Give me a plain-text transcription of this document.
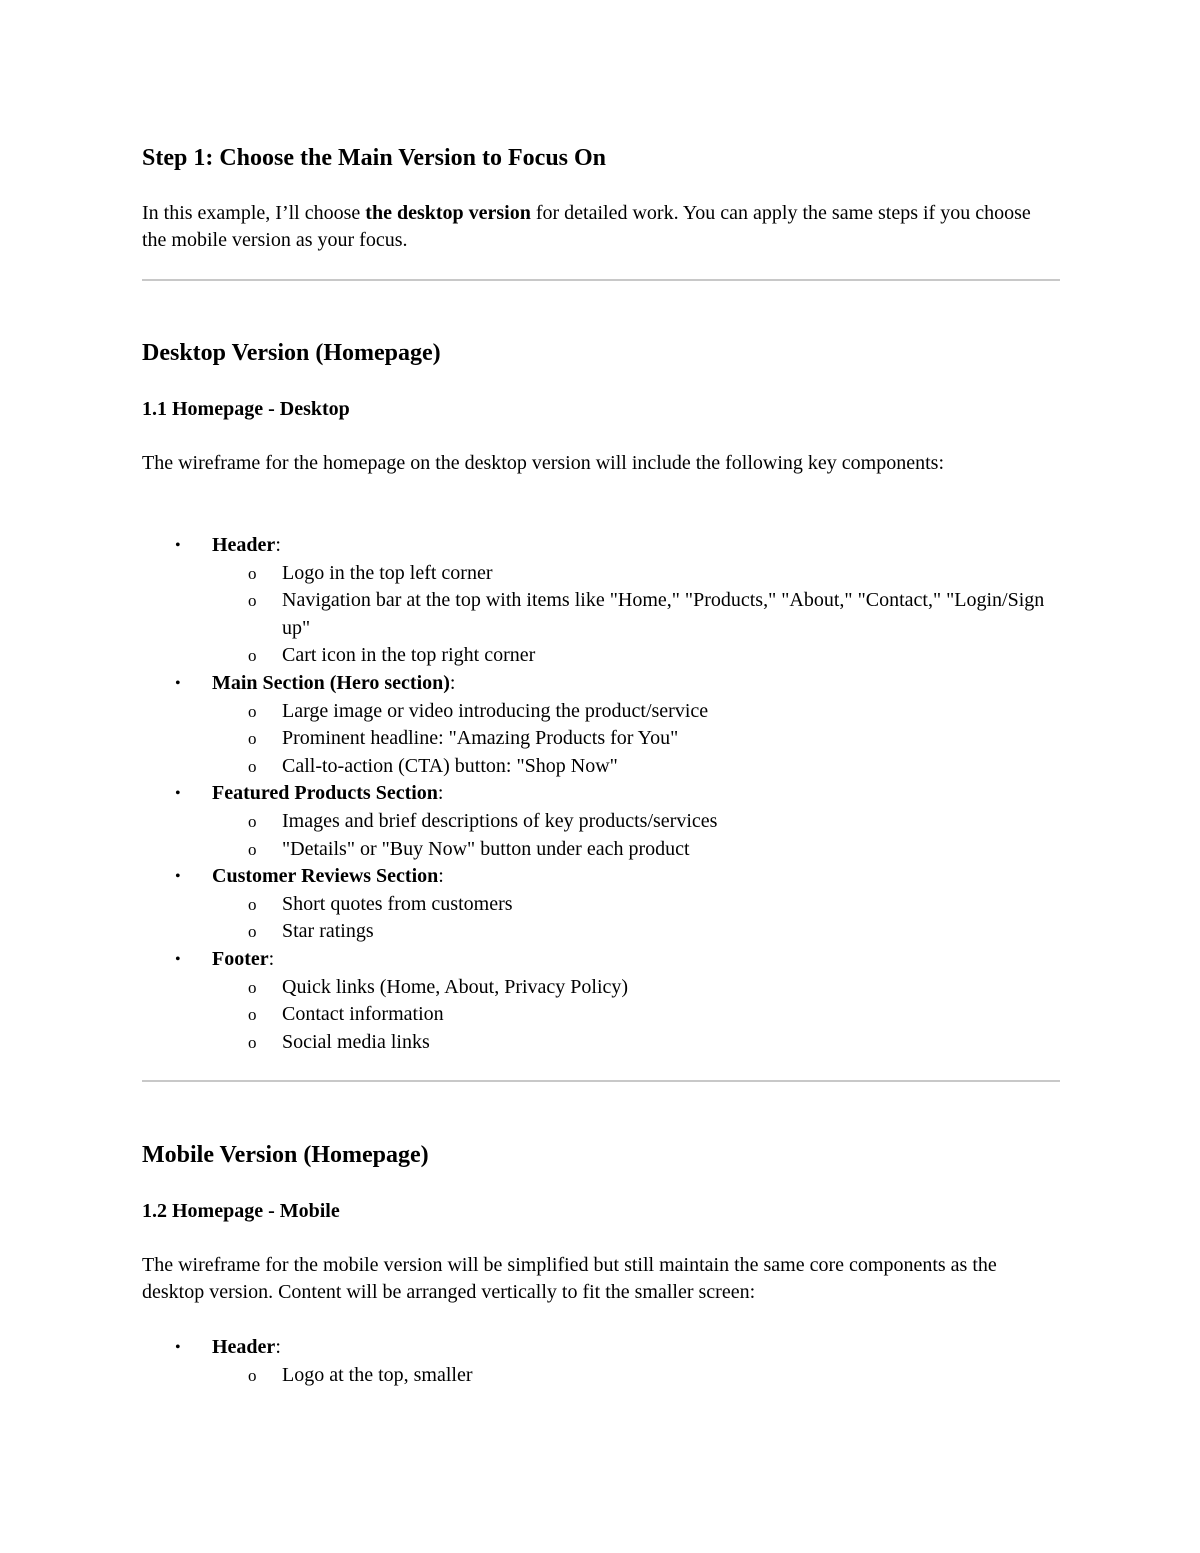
Step 1: Choose the Main Version to Focus On

In this example, I’ll choose the desktop version for detailed work. You can apply the same steps if you choose the mobile version as your focus.

Desktop Version (Homepage)
1.1 Homepage - Desktop

The wireframe for the homepage on the desktop version will include the following key components:

• Header:
o Logo in the top left corner
o Navigation bar at the top with items like "Home," "Products," "About," "Contact," "Login/Sign up"
o Cart icon in the top right corner
• Main Section (Hero section):
o Large image or video introducing the product/service
o Prominent headline: "Amazing Products for You"
o Call-to-action (CTA) button: "Shop Now"
• Featured Products Section:
o Images and brief descriptions of key products/services
o "Details" or "Buy Now" button under each product
• Customer Reviews Section:
o Short quotes from customers
o Star ratings
• Footer:
o Quick links (Home, About, Privacy Policy)
o Contact information
o Social media links
Mobile Version (Homepage)
1.2 Homepage - Mobile

The wireframe for the mobile version will be simplified but still maintain the same core components as the desktop version. Content will be arranged vertically to fit the smaller screen:

• Header:
o Logo at the top, smaller
